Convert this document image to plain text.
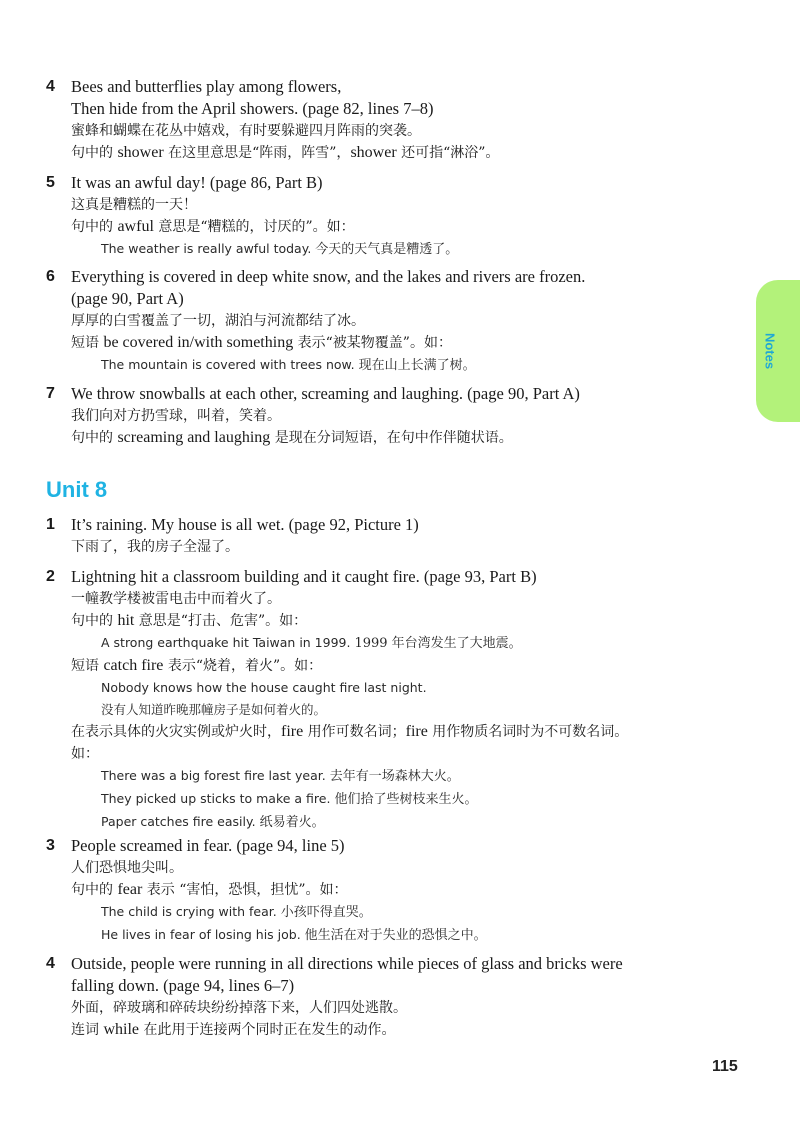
4 Bees and butterflies play among flowers,
Then hide from the April showers. (page 82, lines 7–8)
蜜蜂和蝴蝶在花丛中嬉戏，有时要躲避四月阵雨的突袭。
句中的 shower 在这里意思是“阵雨，阵雪”，shower 还可指“淋浴”。
5 It was an awful day! (page 86, Part B)
这真是糟糕的一天！
句中的 awful 意思是“糟糕的，讨厌的”。如：
The weather is really awful today. 今天的天气真是糟透了。
6 Everything is covered in deep white snow, and the lakes and rivers are frozen.
(page 90, Part A)
厚厚的白雪覆盖了一切，湖泊与河流都结了冰。
短语 be covered in/with something 表示“被某物覆盖”。如：
The mountain is covered with trees now. 现在山上长满了树。
7 We throw snowballs at each other, screaming and laughing. (page 90, Part A)
我们向对方扔雪球，叫着，笑着。
句中的 screaming and laughing 是现在分词短语，在句中作伴随状语。
Unit 8
1 It’s raining. My house is all wet. (page 92, Picture 1)
下雨了，我的房子全湿了。
2 Lightning hit a classroom building and it caught fire. (page 93, Part B)
一幢教学楼被雷电击中而着火了。
句中的 hit 意思是“打击、危害”。如：
A strong earthquake hit Taiwan in 1999. 1999 年台湾发生了大地震。
短语 catch fire 表示“烧着，着火”。如：
Nobody knows how the house caught fire last night.
没有人知道昨晚那幢房子是如何着火的。
在表示具体的火灾实例或炉火时，fire 用作可数名词；fire 用作物质名词时为不可数名词。
如：
There was a big forest fire last year. 去年有一场森林大火。
They picked up sticks to make a fire. 他们拾了些树枝来生火。
Paper catches fire easily. 纸易着火。
3 People screamed in fear. (page 94, line 5)
人们恐惧地尖叫。
句中的 fear 表示 “害怕，恐惧，担忧”。如：
The child is crying with fear. 小孩吓得直哭。
He lives in fear of losing his job. 他生活在对于失业的恐惧之中。
4 Outside, people were running in all directions while pieces of glass and bricks were
falling down. (page 94, lines 6–7)
外面，碎玻璃和碎砖块纷纷掉落下来，人们四处逃散。
连词 while 在此用于连接两个同时正在发生的动作。
Notes
115
